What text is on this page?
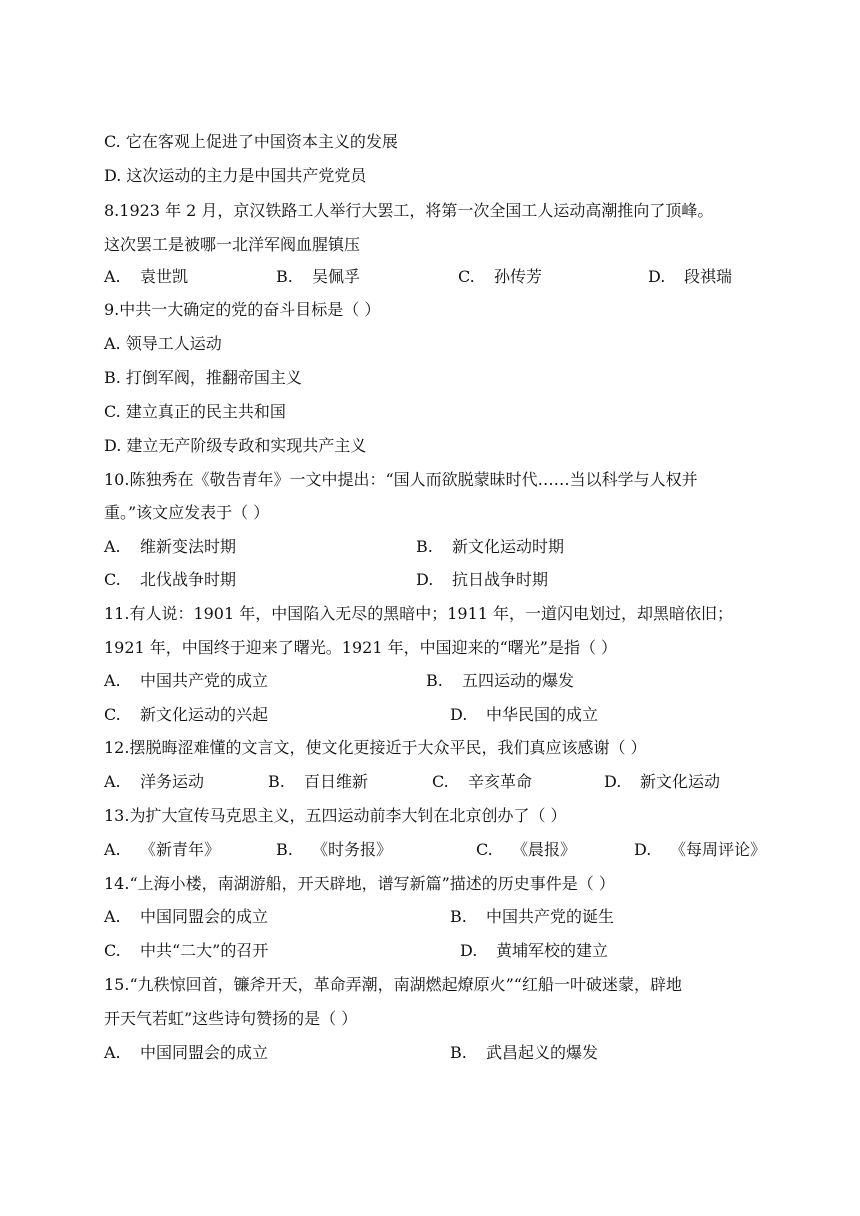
C. 它在客观上促进了中国资本主义的发展
D. 这次运动的主力是中国共产党党员
8.1923 年 2 月，京汉铁路工人举行大罢工，将第一次全国工人运动高潮推向了顶峰。
这次罢工是被哪一北洋军阀血腥镇压
A. 袁世凯	B. 吴佩孚	C. 孙传芳	D. 段祺瑞
9.中共一大确定的党的奋斗目标是（ ）
A. 领导工人运动
B. 打倒军阀，推翻帝国主义
C. 建立真正的民主共和国
D. 建立无产阶级专政和实现共产主义
10.陈独秀在《敬告青年》一文中提出：“国人而欲脱蒙昧时代……当以科学与人权并
重。”该文应发表于（ ）
A. 维新变法时期	B. 新文化运动时期
C. 北伐战争时期	D. 抗日战争时期
11.有人说：1901 年，中国陷入无尽的黑暗中；1911 年，一道闪电划过，却黑暗依旧；
1921 年，中国终于迎来了曙光。1921 年，中国迎来的“曙光”是指（ ）
A. 中国共产党的成立	B. 五四运动的爆发
C. 新文化运动的兴起	D. 中华民国的成立
12.摆脱晦涩难懂的文言文，使文化更接近于大众平民，我们真应该感谢（ ）
A. 洋务运动	B. 百日维新	C. 辛亥革命	D. 新文化运动
13.为扩大宣传马克思主义，五四运动前李大钊在北京创办了（ ）
A. 《新青年》	B. 《时务报》	C. 《晨报》	D. 《每周评论》
14.“上海小楼，南湖游船，开天辟地，谱写新篇”描述的历史事件是（ ）
A. 中国同盟会的成立	B. 中国共产党的诞生
C. 中共“二大”的召开	D. 黄埔军校的建立
15.“九秩惊回首，镰斧开天，革命弄潮，南湖燃起燎原火”“红船一叶破迷蒙，辟地
开天气若虹”这些诗句赞扬的是（ ）
A. 中国同盟会的成立	B. 武昌起义的爆发
